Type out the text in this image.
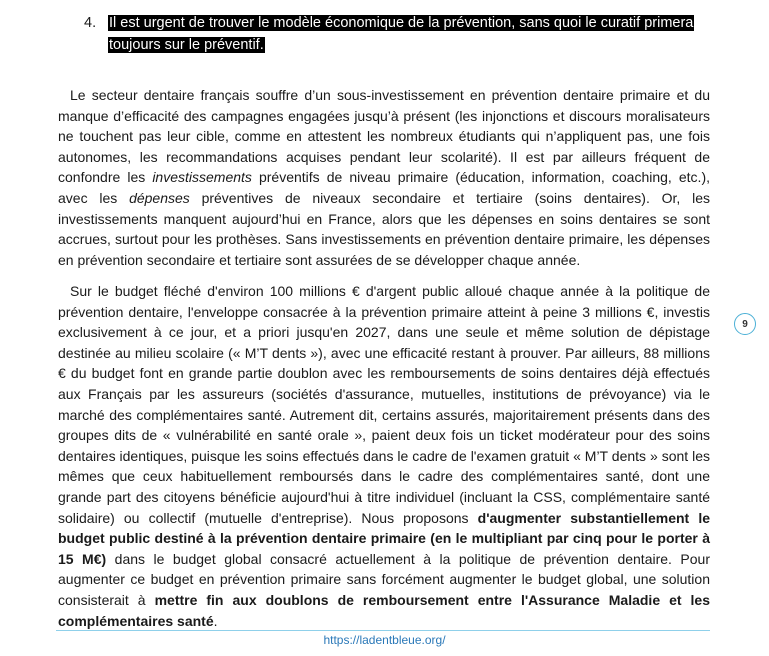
4. Il est urgent de trouver le modèle économique de la prévention, sans quoi le curatif primera toujours sur le préventif.

Le secteur dentaire français souffre d’un sous-investissement en prévention dentaire primaire et du manque d’efficacité des campagnes engagées jusqu’à présent (les injonctions et discours moralisateurs ne touchent pas leur cible, comme en attestent les nombreux étudiants qui n’appliquent pas, une fois autonomes, les recommandations acquises pendant leur scolarité). Il est par ailleurs fréquent de confondre les investissements préventifs de niveau primaire (éducation, information, coaching, etc.), avec les dépenses préventives de niveaux secondaire et tertiaire (soins dentaires). Or, les investissements manquent aujourd’hui en France, alors que les dépenses en soins dentaires se sont accrues, surtout pour les prothèses. Sans investissements en prévention dentaire primaire, les dépenses en prévention secondaire et tertiaire sont assurées de se développer chaque année.

Sur le budget fléché d'environ 100 millions € d'argent public alloué chaque année à la politique de prévention dentaire, l'enveloppe consacrée à la prévention primaire atteint à peine 3 millions €, investis exclusivement à ce jour, et a priori jusqu'en 2027, dans une seule et même solution de dépistage destinée au milieu scolaire (« M’T dents »), avec une efficacité restant à prouver. Par ailleurs, 88 millions € du budget font en grande partie doublon avec les remboursements de soins dentaires déjà effectués aux Français par les assureurs (sociétés d'assurance, mutuelles, institutions de prévoyance) via le marché des complémentaires santé. Autrement dit, certains assurés, majoritairement présents dans des groupes dits de « vulnérabilité en santé orale », paient deux fois un ticket modérateur pour des soins dentaires identiques, puisque les soins effectués dans le cadre de l'examen gratuit « M’T dents » sont les mêmes que ceux habituellement remboursés dans le cadre des complémentaires santé, dont une grande part des citoyens bénéficie aujourd'hui à titre individuel (incluant la CSS, complémentaire santé solidaire) ou collectif (mutuelle d'entreprise). Nous proposons d'augmenter substantiellement le budget public destiné à la prévention dentaire primaire (en le multipliant par cinq pour le porter à 15 M€) dans le budget global consacré actuellement à la politique de prévention dentaire. Pour augmenter ce budget en prévention primaire sans forcément augmenter le budget global, une solution consisterait à mettre fin aux doublons de remboursement entre l'Assurance Maladie et les complémentaires santé.

9
https://ladentbleue.org/
